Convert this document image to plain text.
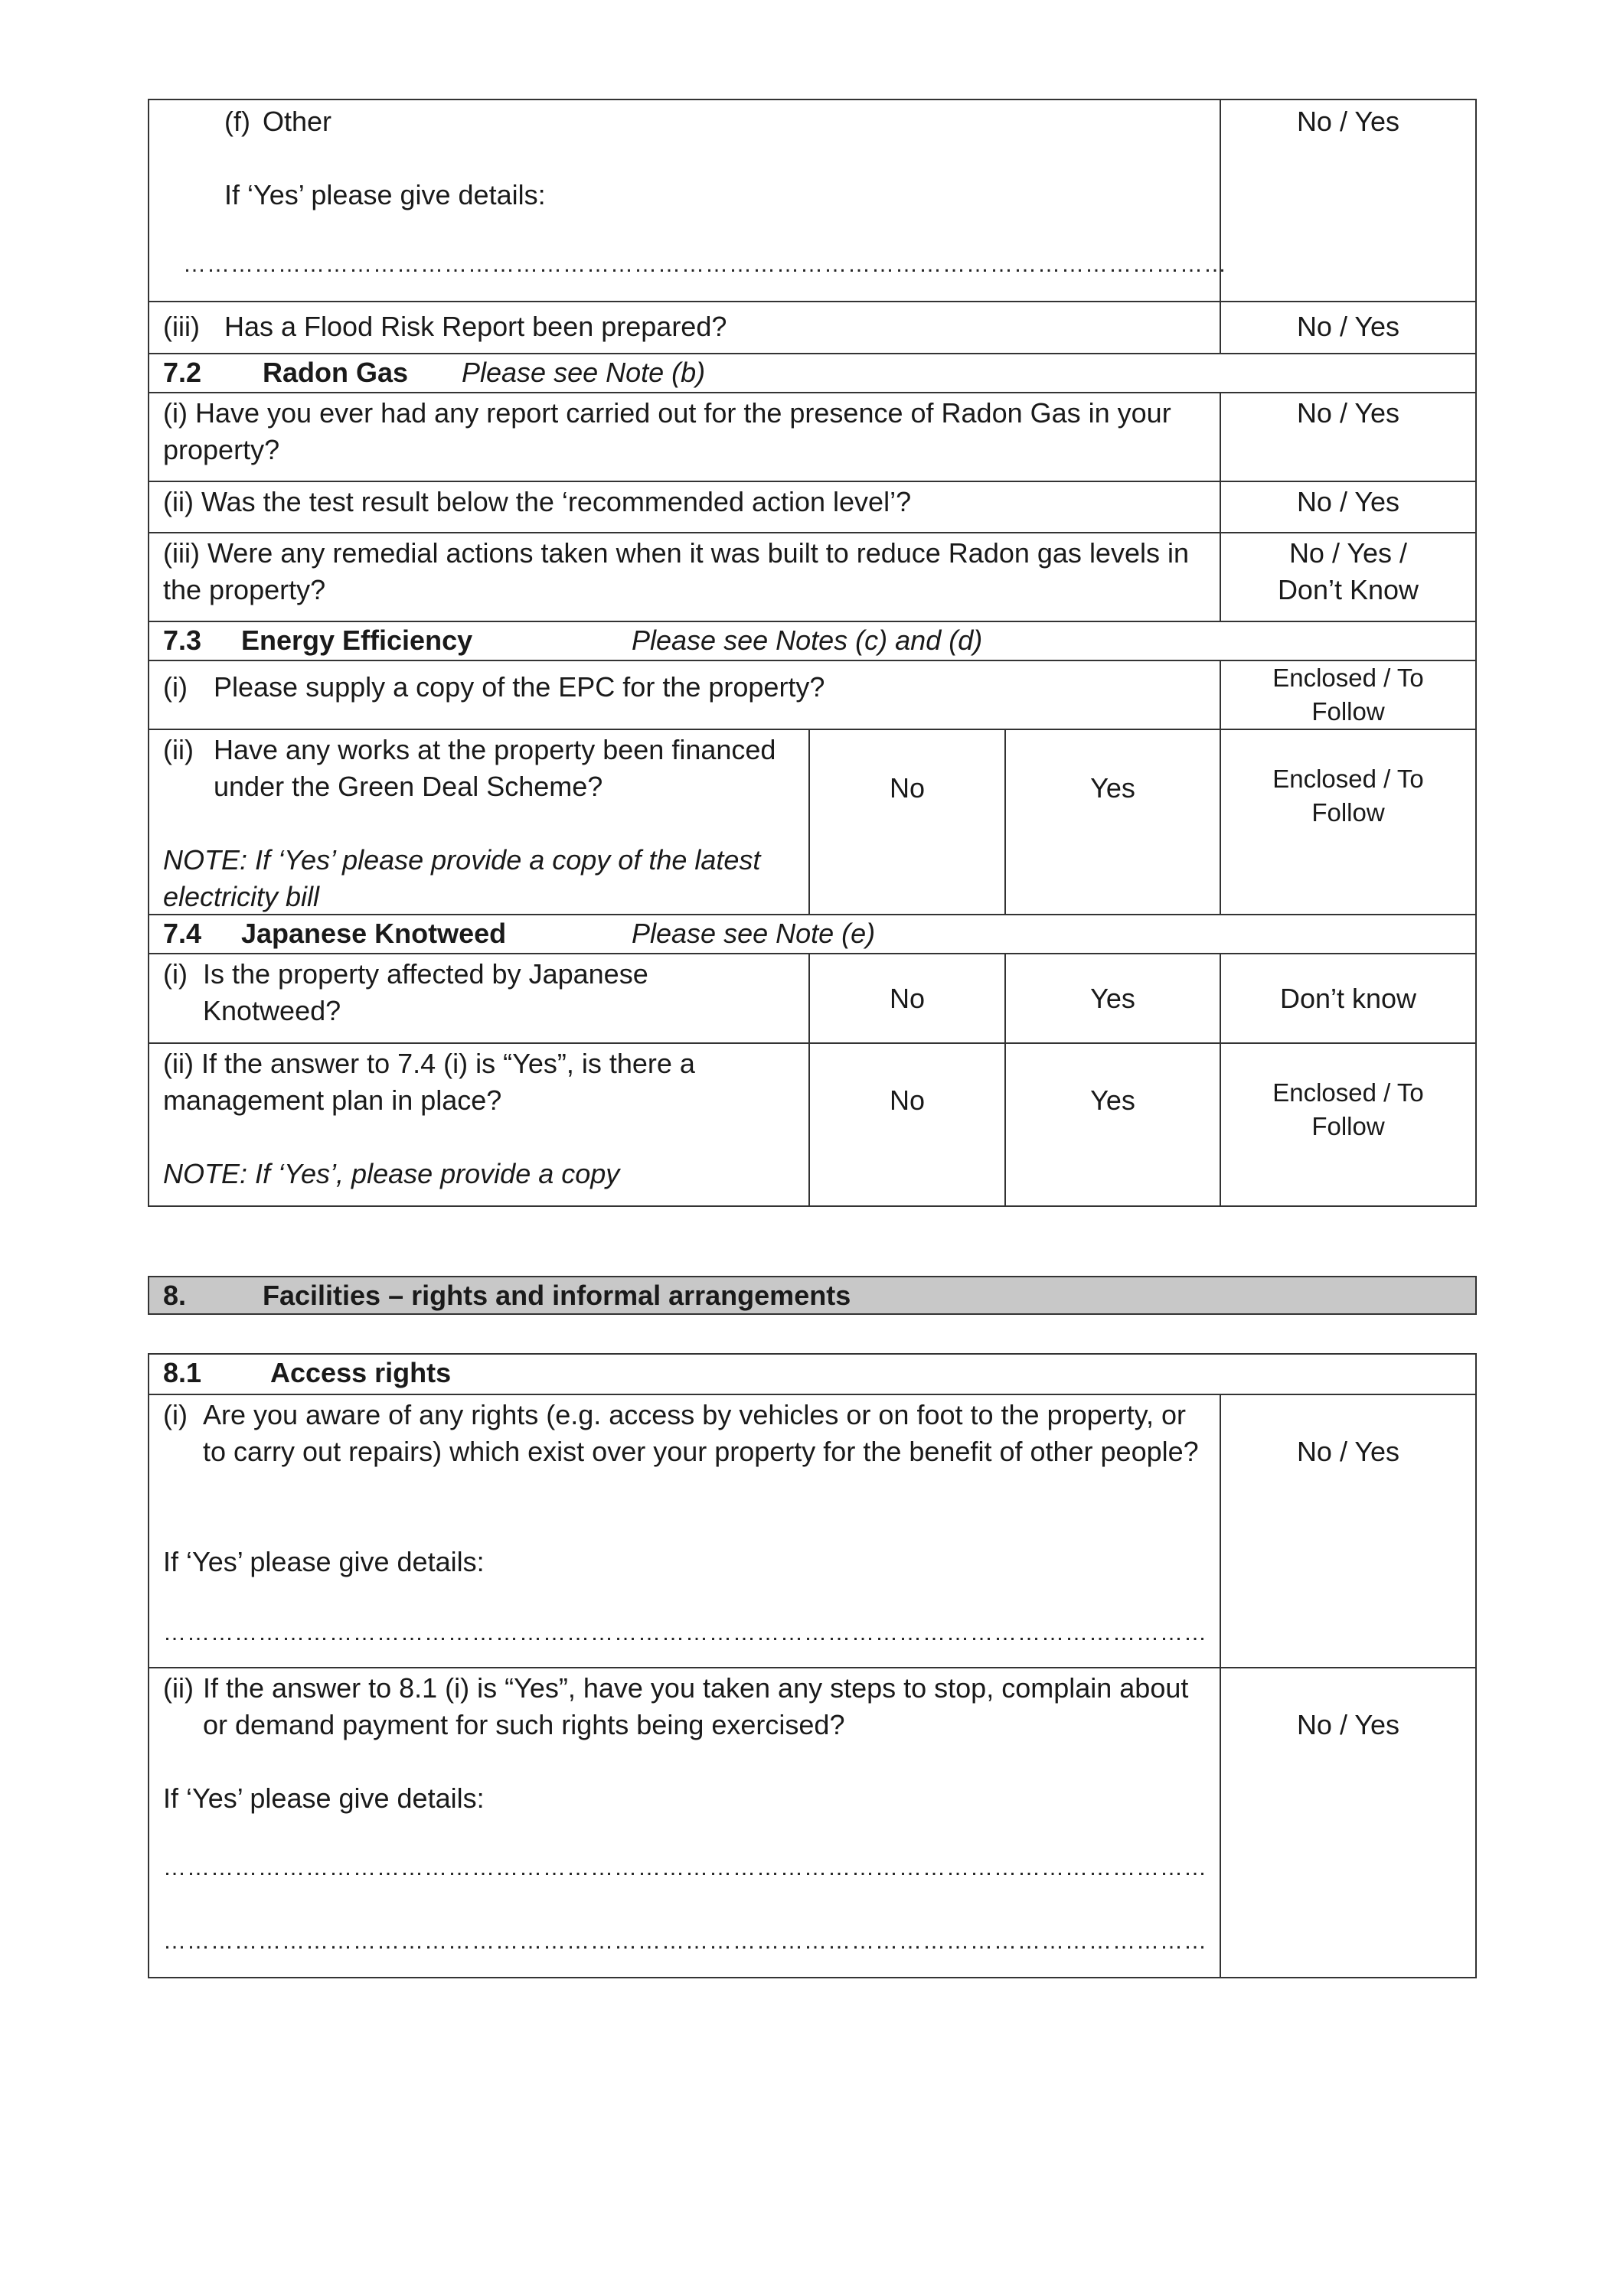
(f) Other
If ‘Yes’ please give details:
……………………………………………………………………………………………………………………
No / Yes
(iii) Has a Flood Risk Report been prepared?	No / Yes
7.2 Radon Gas Please see Note (b)
(i) Have you ever had any report carried out for the presence of Radon Gas in your property?
No / Yes
(ii) Was the test result below the ‘recommended action level’?	No / Yes
(iii) Were any remedial actions taken when it was built to reduce Radon gas levels in the property?
No / Yes /
Don’t Know
7.3 Energy Efficiency	Please see Notes (c) and (d)
(i) Please supply a copy of the EPC for the property?	Enclosed / To Follow
(ii) Have any works at the property been financed under the Green Deal Scheme?
NOTE: If ‘Yes’ please provide a copy of the latest electricity bill
No	Yes	Enclosed / To Follow
7.4 Japanese Knotweed	Please see Note (e)
(i) Is the property affected by Japanese Knotweed?	No	Yes	Don’t know
(ii) If the answer to 7.4 (i) is “Yes”, is there a management plan in place?
NOTE: If ‘Yes’, please provide a copy
No	Yes	Enclosed / To Follow
8.	Facilities – rights and informal arrangements
8.1 Access rights
(i) Are you aware of any rights (e.g. access by vehicles or on foot to the property, or to carry out repairs) which exist over your property for the benefit of other people?
If ‘Yes’ please give details:
……………………………………………………………………………………………………………………
No / Yes
(ii) If the answer to 8.1 (i) is “Yes”, have you taken any steps to stop, complain about or demand payment for such rights being exercised?
If ‘Yes’ please give details:
……………………………………………………………………………………………………………………
……………………………………………………………………………………………………………………
No / Yes
